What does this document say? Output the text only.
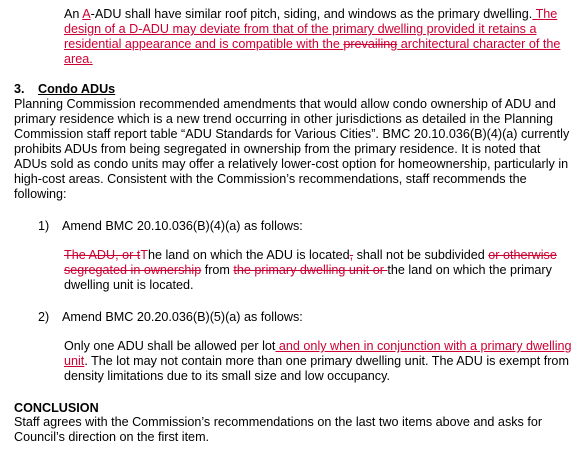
An A-ADU shall have similar roof pitch, siding, and windows as the primary dwelling. The design of a D-ADU may deviate from that of the primary dwelling provided it retains a residential appearance and is compatible with the prevailing architectural character of the area.

3. Condo ADUs

Planning Commission recommended amendments that would allow condo ownership of ADU and primary residence which is a new trend occurring in other jurisdictions as detailed in the Planning Commission staff report table “ADU Standards for Various Cities”. BMC 20.10.036(B)(4)(a) currently prohibits ADUs from being segregated in ownership from the primary residence. It is noted that ADUs sold as condo units may offer a relatively lower-cost option for homeownership, particularly in high-cost areas. Consistent with the Commission’s recommendations, staff recommends the following:

1) Amend BMC 20.10.036(B)(4)(a) as follows:

The ADU, or tThe land on which the ADU is located, shall not be subdivided or otherwise segregated in ownership from the primary dwelling unit or the land on which the primary dwelling unit is located.

2) Amend BMC 20.20.036(B)(5)(a) as follows:

Only one ADU shall be allowed per lot and only when in conjunction with a primary dwelling unit. The lot may not contain more than one primary dwelling unit. The ADU is exempt from density limitations due to its small size and low occupancy.

CONCLUSION

Staff agrees with the Commission’s recommendations on the last two items above and asks for Council’s direction on the first item.
